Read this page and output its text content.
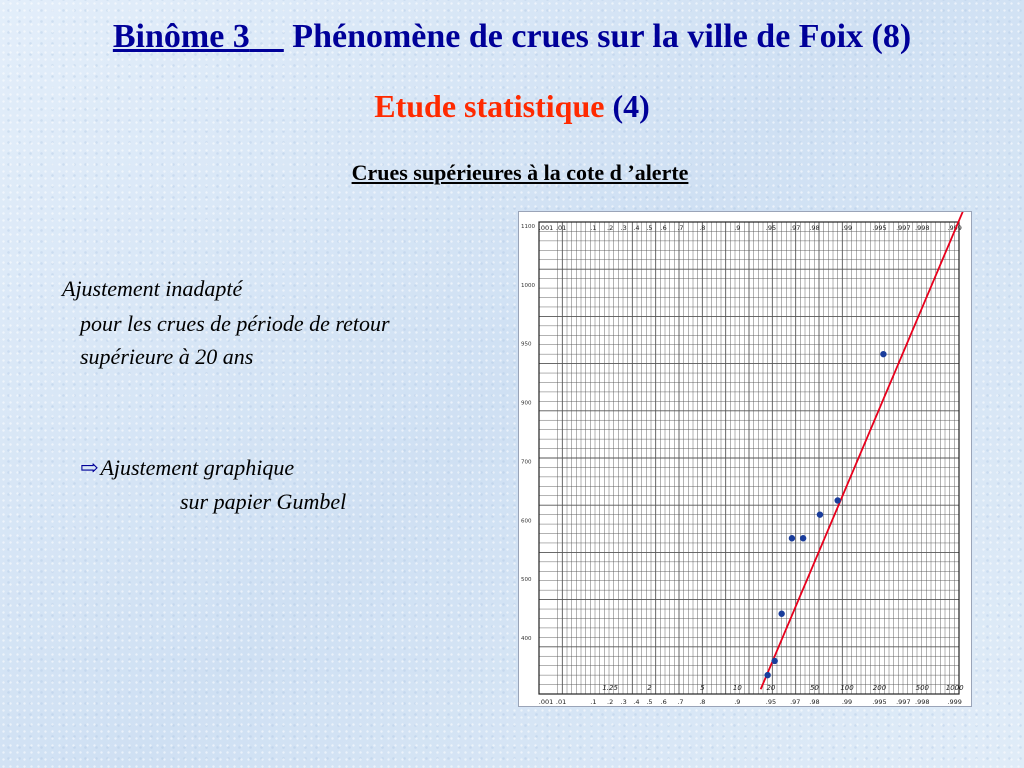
Binôme 3 Phénomène de crues sur la ville de Foix (8)
Etude statistique (4)
Crues supérieures à la cote d ’alerte
Ajustement inadapté
pour les crues de période de retour
supérieure à 20 ans
⇨Ajustement graphique
sur papier Gumbel
.001 .01	.1 .2 .3 .4 .5 .6 .7 .8	.9	.95 .97 .98	.99	.995 .997 .998	.999
.001 .01	.1 .2 .3 .4 .5 .6 .7 .8	.9	.95 .97 .98	.99	.995 .997 .998	.999
1.25	2	5	10	20	50	100	200	500 1000
1100
1000
950
900
700
600
500
400
